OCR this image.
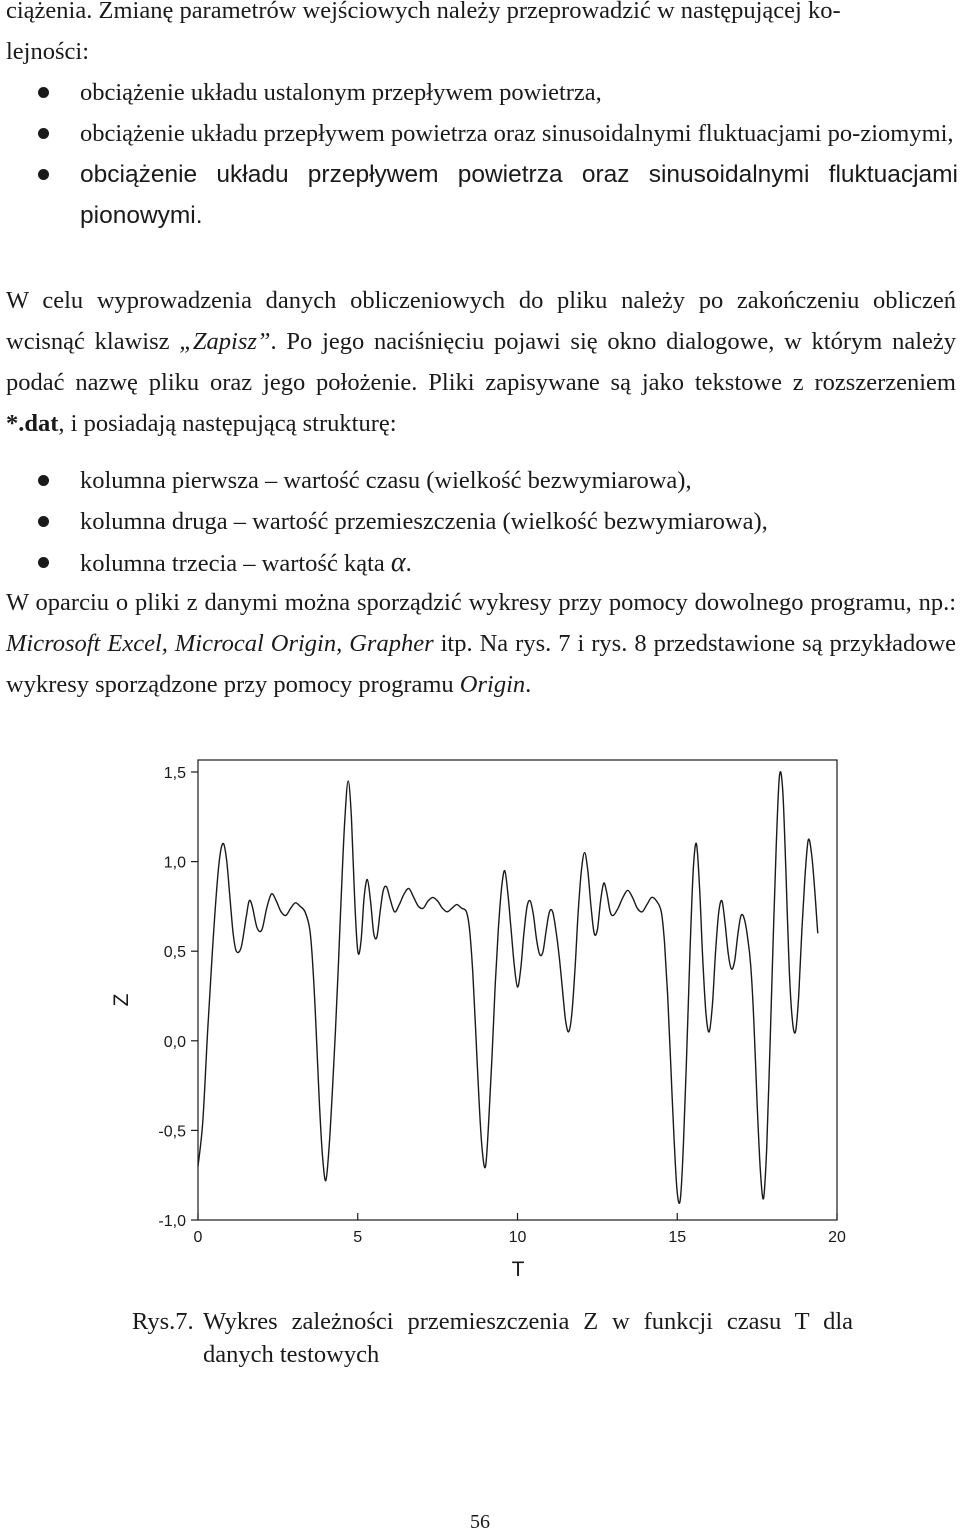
ciążenia. Zmianę parametrów wejściowych należy przeprowadzić w następującej ko-
lejności:
obciążenie układu ustalonym przepływem powietrza,
obciążenie układu przepływem powietrza oraz sinusoidalnymi fluktuacjami po-ziomymi,
obciążenie układu przepływem powietrza oraz sinusoidalnymi fluktuacjami pionowymi.
W celu wyprowadzenia danych obliczeniowych do pliku należy po zakończeniu obliczeń wcisnąć klawisz „Zapisz”. Po jego naciśnięciu pojawi się okno dialogowe, w którym należy podać nazwę pliku oraz jego położenie. Pliki zapisywane są jako tekstowe z rozszerzeniem *.dat, i posiadają następującą strukturę:
kolumna pierwsza – wartość czasu (wielkość bezwymiarowa),
kolumna druga – wartość przemieszczenia (wielkość bezwymiarowa),
kolumna trzecia – wartość kąta α.
W oparciu o pliki z danymi można sporządzić wykresy przy pomocy dowolnego programu, np.: Microsoft Excel, Microcal Origin, Grapher itp. Na rys. 7 i rys. 8 przedstawione są przykładowe wykresy sporządzone przy pomocy programu Origin.
-1,0
-0,5
0,0
0,5
1,0
1,5
0	5	10	15	20
Z
T
Rys.7. Wykres zależności przemieszczenia Z w funkcji czasu T dla danych testowych
56
